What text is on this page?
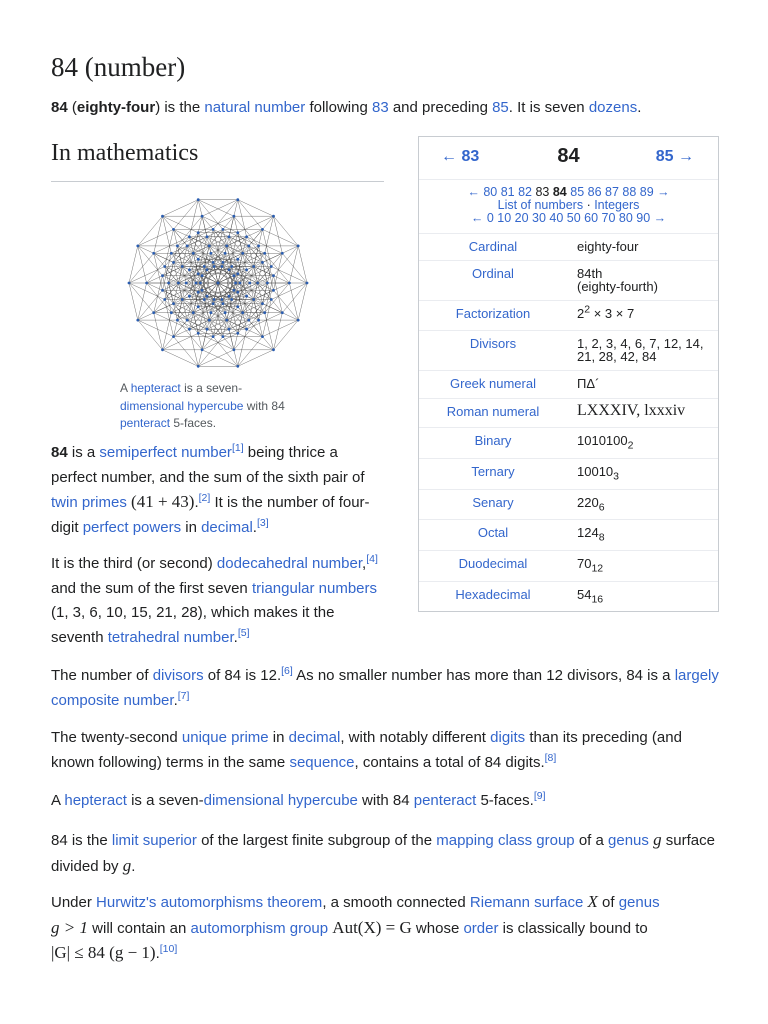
84 (number)

84 (eighty-four) is the natural number following 83 and preceding 85. It is seven dozens.

In mathematics
A hepteract is a seven-
dimensional hypercube with 84
penteract 5-faces.
← 83	84	85 →
← 80 81 82 83 84 85 86 87 88 89 →
List of numbers · Integers
← 0 10 20 30 40 50 60 70 80 90 →
Cardinal	eighty-four
Ordinal	84th
(eighty-fourth)
Factorization	$2^2 \times 3 \times 7$
Divisors	1, 2, 3, 4, 6, 7, 12, 14,
21, 28, 42, 84
Greek numeral	ΠΔ´
Roman numeral	LXXXIV, lxxxiv
Binary	$1010100_2$
Ternary	$10010_3$
Senary	$220_6$
Octal	$124_8$
Duodecimal	$70_{12}$
Hexadecimal	$54_{16}$

84 is a semiperfect number[1] being thrice a perfect number, and the sum of the sixth pair of twin primes (41 + 43).[2] It is the number of four-digit perfect powers in decimal.[3]

It is the third (or second) dodecahedral number,[4] and the sum of the first seven triangular numbers (1, 3, 6, 10, 15, 21, 28), which makes it the seventh tetrahedral number.[5]

The number of divisors of 84 is 12.[6] As no smaller number has more than 12 divisors, 84 is a largely composite number.[7]

The twenty-second unique prime in decimal, with notably different digits than its preceding (and known following) terms in the same sequence, contains a total of 84 digits.[8]

A hepteract is a seven-dimensional hypercube with 84 penteract 5-faces.[9]

84 is the limit superior of the largest finite subgroup of the mapping class group of a genus g surface divided by g.

Under Hurwitz's automorphisms theorem, a smooth connected Riemann surface X of genus
g > 1 will contain an automorphism group Aut(X) = G whose order is classically bound to
|G| ≤ 84 (g − 1).[10]
